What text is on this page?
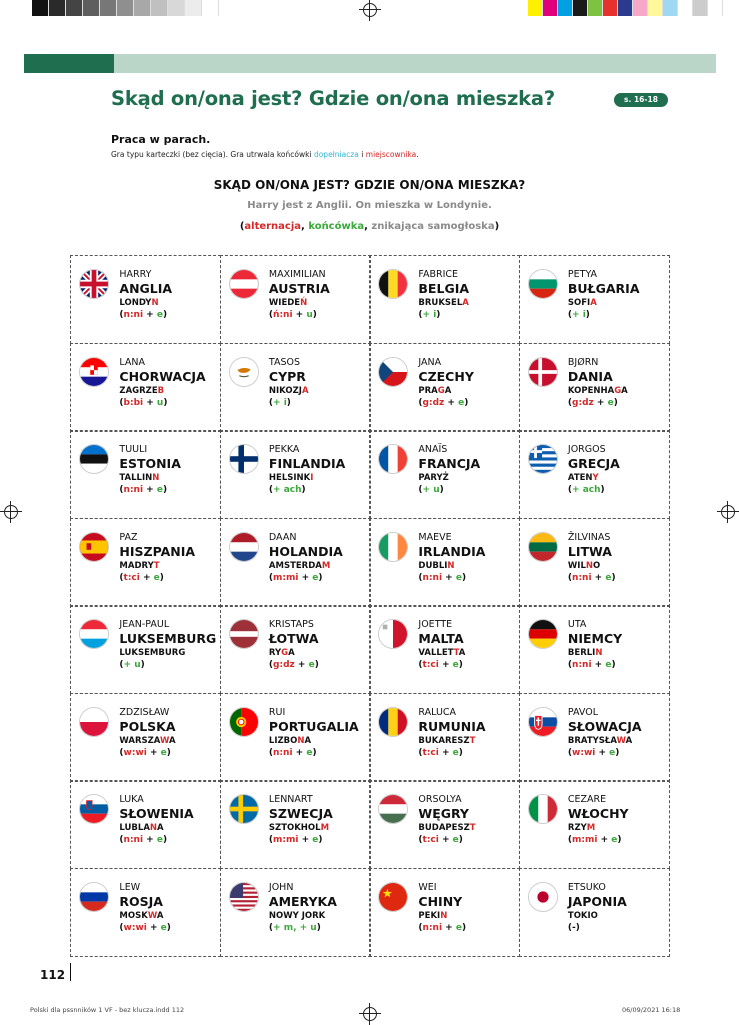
Skąd on/ona jest? Gdzie on/ona mieszka?	s. 16-18
Praca w parach.
Gra typu karteczki (bez cięcia). Gra utrwala końcówki dopełniacza i miejscownika.
SKĄD ON/ONA JEST? GDZIE ON/ONA MIESZKA?
Harry jest z Anglii. On mieszka w Londynie.
(alternacja, końcówka, znikająca samogłoska)
HARRY
ANGLIA
LONDYN
(n:ni + e)
MAXIMILIAN
AUSTRIA
WIEDEŃ
(ń:ni + u)
FABRICE
BELGIA
BRUKSELA
(+ i)
PETYA
BUŁGARIA
SOFIA
(+ i)
LANA
CHORWACJA
ZAGRZEB
(b:bi + u)
TASOS
CYPR
NIKOZJA
(+ i)
JANA
CZECHY
PRAGA
(g:dz + e)
BJØRN
DANIA
KOPENHAGA
(g:dz + e)
TUULI
ESTONIA
TALLINN
(n:ni + e)
PEKKA
FINLANDIA
HELSINKI
(+ ach)
ANAÏS
FRANCJA
PARYŻ
(+ u)
JORGOS
GRECJA
ATENY
(+ ach)
PAZ
HISZPANIA
MADRYT
(t:ci + e)
DAAN
HOLANDIA
AMSTERDAM
(m:mi + e)
MAEVE
IRLANDIA
DUBLIN
(n:ni + e)
ŽILVINAS
LITWA
WILNO
(n:ni + e)
JEAN-PAUL
LUKSEMBURG
LUKSEMBURG
(+ u)
KRISTAPS
ŁOTWA
RYGA
(g:dz + e)
JOETTE
MALTA
VALLETTA
(t:ci + e)
UTA
NIEMCY
BERLIN
(n:ni + e)
ZDZISŁAW
POLSKA
WARSZAWA
(w:wi + e)
RUI
PORTUGALIA
LIZBONA
(n:ni + e)
RALUCA
RUMUNIA
BUKARESZT
(t:ci + e)
PAVOL
SŁOWACJA
BRATYSŁAWA
(w:wi + e)
LUKA
SŁOWENIA
LUBLANA
(n:ni + e)
LENNART
SZWECJA
SZTOKHOLM
(m:mi + e)
ORSOLYA
WĘGRY
BUDAPESZT
(t:ci + e)
CEZARE
WŁOCHY
RZYM
(m:mi + e)
LEW
ROSJA
MOSKWA
(w:wi + e)
JOHN
AMERYKA
NOWY JORK
(+ m, + u)
WEI
CHINY
PEKIN
(n:ni + e)
ETSUKO
JAPONIA
TOKIO
(-)
112
Polski dla pssnników 1 VF - bez klucza.indd 112	06/09/2021 16:18
